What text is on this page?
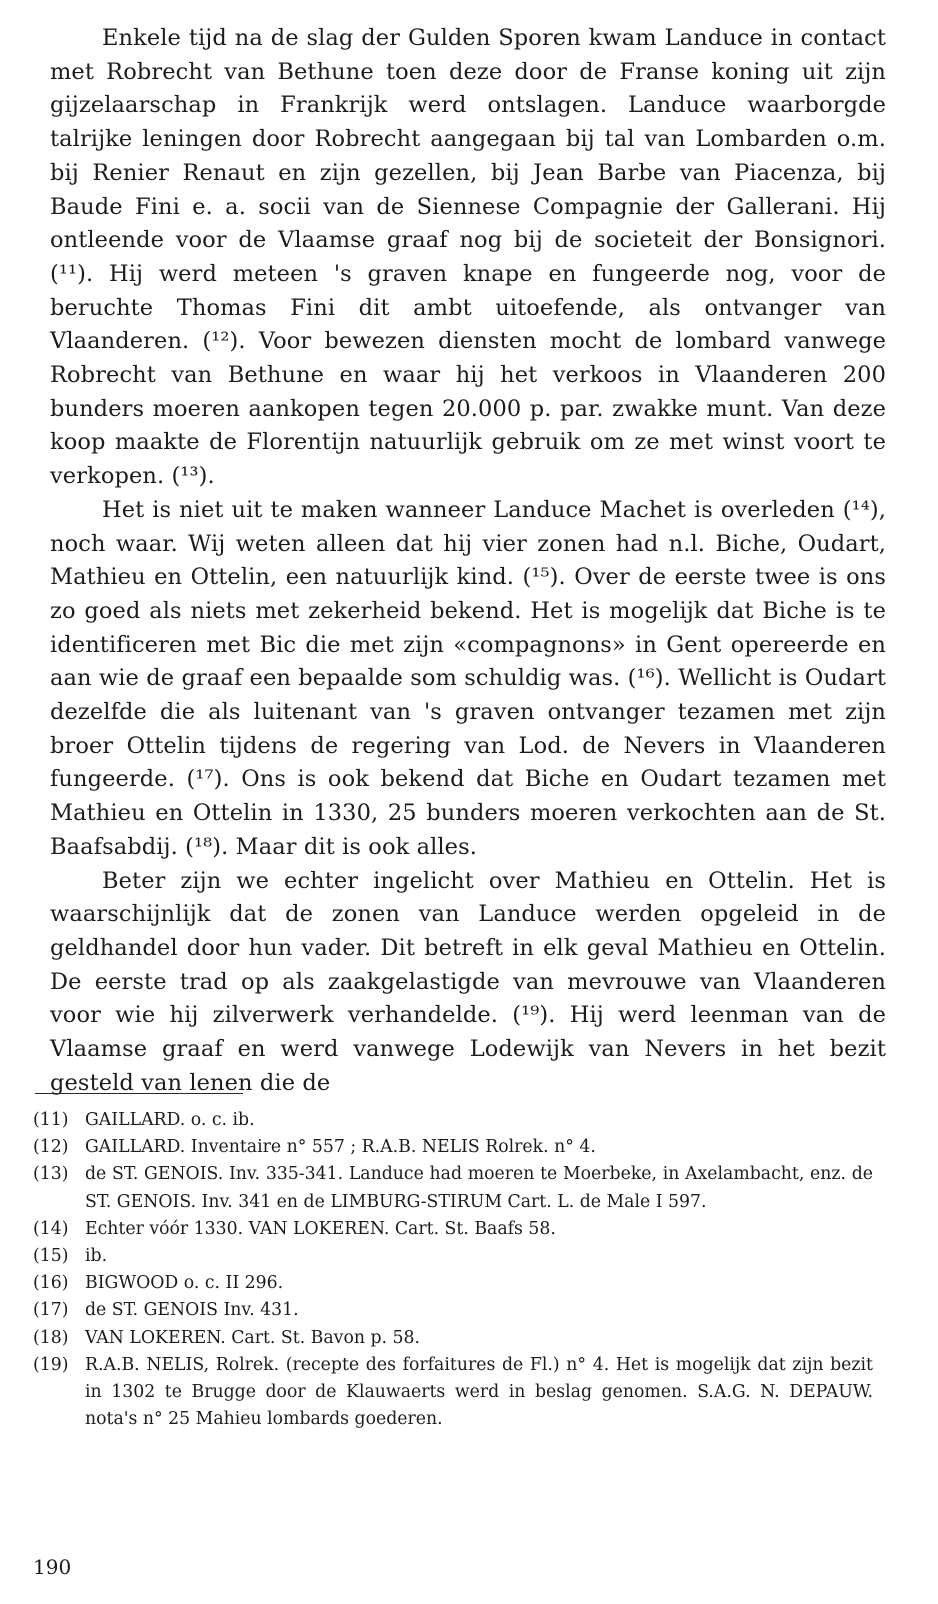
Enkele tijd na de slag der Gulden Sporen kwam Landuce in contact met Robrecht van Bethune toen deze door de Franse koning uit zijn gijzelaarschap in Frankrijk werd ontslagen. Landuce waarborgde talrijke leningen door Robrecht aangegaan bij tal van Lombarden o.m. bij Renier Renaut en zijn gezellen, bij Jean Barbe van Piacenza, bij Baude Fini e. a. socii van de Siennese Compagnie der Gallerani. Hij ontleende voor de Vlaamse graaf nog bij de societeit der Bonsignori. (¹¹). Hij werd meteen 's graven knape en fungeerde nog, voor de beruchte Thomas Fini dit ambt uitoefende, als ontvanger van Vlaanderen. (¹²). Voor bewezen diensten mocht de lombard vanwege Robrecht van Bethune en waar hij het verkoos in Vlaanderen 200 bunders moeren aankopen tegen 20.000 p. par. zwakke munt. Van deze koop maakte de Florentijn natuurlijk gebruik om ze met winst voort te verkopen. (¹³).

Het is niet uit te maken wanneer Landuce Machet is overleden (¹⁴), noch waar. Wij weten alleen dat hij vier zonen had n.l. Biche, Oudart, Mathieu en Ottelin, een natuurlijk kind. (¹⁵). Over de eerste twee is ons zo goed als niets met zekerheid bekend. Het is mogelijk dat Biche is te identificeren met Bic die met zijn «compagnons» in Gent opereerde en aan wie de graaf een bepaalde som schuldig was. (¹⁶). Wellicht is Oudart dezelfde die als luitenant van 's graven ontvanger tezamen met zijn broer Ottelin tijdens de regering van Lod. de Nevers in Vlaanderen fungeerde. (¹⁷). Ons is ook bekend dat Biche en Oudart tezamen met Mathieu en Ottelin in 1330, 25 bunders moeren verkochten aan de St. Baafsabdij. (¹⁸). Maar dit is ook alles.

Beter zijn we echter ingelicht over Mathieu en Ottelin. Het is waarschijnlijk dat de zonen van Landuce werden opgeleid in de geldhandel door hun vader. Dit betreft in elk geval Mathieu en Ottelin. De eerste trad op als zaakgelastigde van mevrouwe van Vlaanderen voor wie hij zilverwerk verhandelde. (¹⁹). Hij werd leenman van de Vlaamse graaf en werd vanwege Lodewijk van Nevers in het bezit gesteld van lenen die de

(11) GAILLARD. o. c. ib.
(12) GAILLARD. Inventaire n° 557 ; R.A.B. NELIS Rolrek. n° 4.
(13) de ST. GENOIS. Inv. 335-341. Landuce had moeren te Moerbeke, in Axelambacht, enz. de ST. GENOIS. Inv. 341 en de LIMBURG-STIRUM Cart. L. de Male I 597.
(14) Echter vóór 1330. VAN LOKEREN. Cart. St. Baafs 58.
(15) ib.
(16) BIGWOOD o. c. II 296.
(17) de ST. GENOIS Inv. 431.
(18) VAN LOKEREN. Cart. St. Bavon p. 58.
(19) R.A.B. NELIS, Rolrek. (recepte des forfaitures de Fl.) n° 4. Het is mogelijk dat zijn bezit in 1302 te Brugge door de Klauwaerts werd in beslag genomen. S.A.G. N. DEPAUW. nota's n° 25 Mahieu lombards goederen.
190
